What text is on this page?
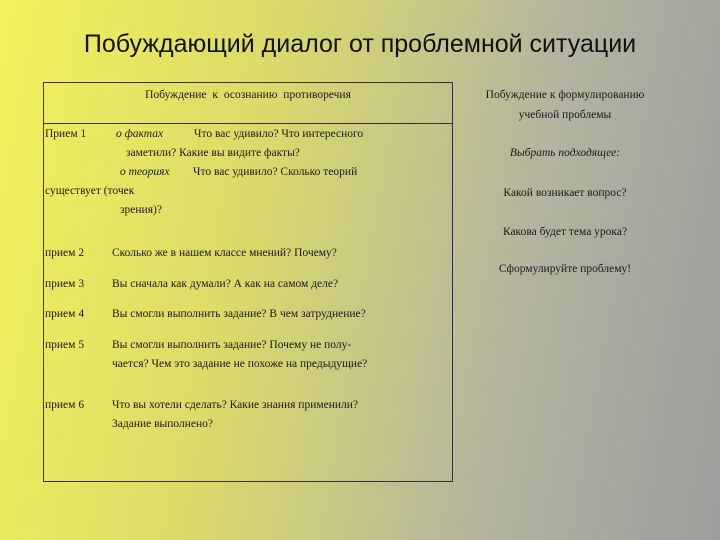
Побуждающий диалог от проблемной ситуации
Побуждение к осознанию противоречия	Побуждение к формулированию
учебной проблемы
Прием 1	о фактах	Что вас удивило? Что интересного
заметили? Какие вы видите факты?
о теориях Что вас удивило? Сколько теорий
существует (точек
зрения)?
прием 2 Сколько же в нашем классе мнений? Почему?
прием 3 Вы сначала как думали? А как на самом деле?
прием 4 Вы смогли выполнить задание? В чем затруднение?
прием 5 Вы смогли выполнить задание? Почему не полу-
чается? Чем это задание не похоже на предыдущие?
прием 6 Что вы хотели сделать? Какие знания применили?
Задание выполнено?
Выбрать подходящее:
Какой возникает вопрос?
Какова будет тема урока?
Сформулируйте проблему!
